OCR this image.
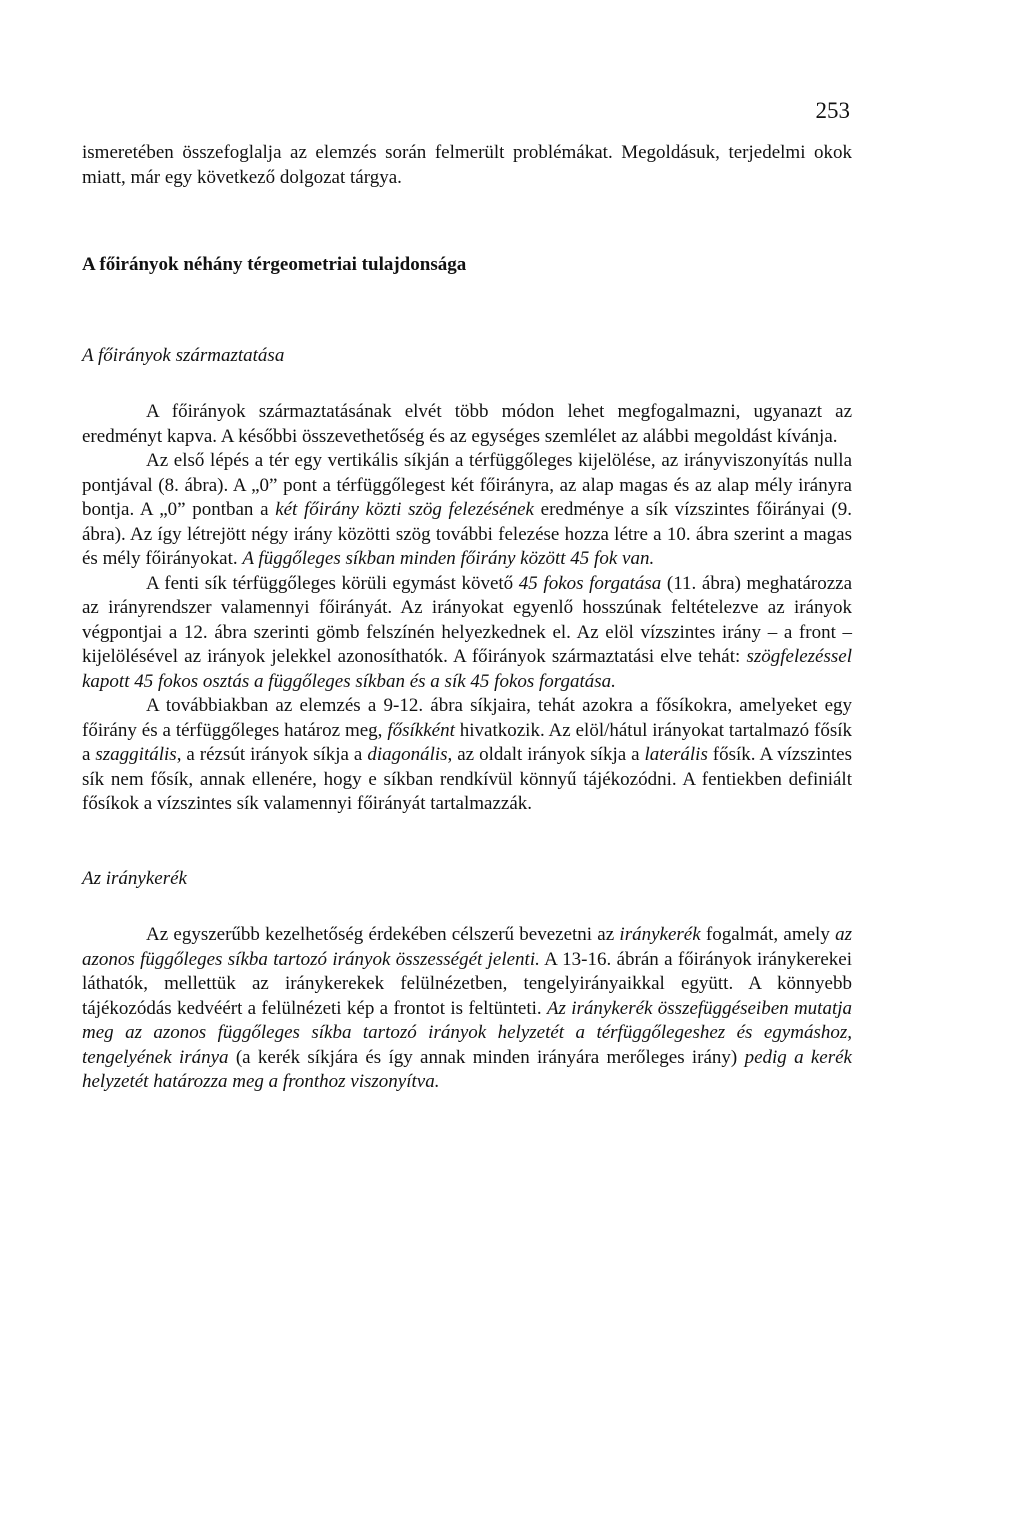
253

ismeretében összefoglalja az elemzés során felmerült problémákat. Megoldásuk, terjedelmi okok miatt, már egy következő dolgozat tárgya.

A főirányok néhány térgeometriai tulajdonsága

A főirányok származtatása

A főirányok származtatásának elvét több módon lehet megfogalmazni, ugyanazt az eredményt kapva. A későbbi összevethetőség és az egységes szemlélet az alábbi megoldást kívánja.

Az első lépés a tér egy vertikális síkján a térfüggőleges kijelölése, az irányviszonyítás nulla pontjával (8. ábra). A „0” pont a térfüggőlegest két főirányra, az alap magas és az alap mély irányra bontja. A „0” pontban a két főirány közti szög felezésének eredménye a sík vízszintes főirányai (9. ábra). Az így létrejött négy irány közötti szög további felezése hozza létre a 10. ábra szerint a magas és mély főirányokat. A függőleges síkban minden főirány között 45 fok van.

A fenti sík térfüggőleges körüli egymást követő 45 fokos forgatása (11. ábra) meghatározza az irányrendszer valamennyi főirányát. Az irányokat egyenlő hosszúnak feltételezve az irányok végpontjai a 12. ábra szerinti gömb felszínén helyezkednek el. Az elöl vízszintes irány – a front – kijelölésével az irányok jelekkel azonosíthatók. A főirányok származtatási elve tehát: szögfelezéssel kapott 45 fokos osztás a függőleges síkban és a sík 45 fokos forgatása.

A továbbiakban az elemzés a 9-12. ábra síkjaira, tehát azokra a fősíkokra, amelyeket egy főirány és a térfüggőleges határoz meg, fősíkként hivatkozik. Az elöl/hátul irányokat tartalmazó fősík a szaggitális, a rézsút irányok síkja a diagonális, az oldalt irányok síkja a laterális fősík. A vízszintes sík nem fősík, annak ellenére, hogy e síkban rendkívül könnyű tájékozódni. A fentiekben definiált fősíkok a vízszintes sík valamennyi főirányát tartalmazzák.

Az iránykerék

Az egyszerűbb kezelhetőség érdekében célszerű bevezetni az iránykerék fogalmát, amely az azonos függőleges síkba tartozó irányok összességét jelenti. A 13-16. ábrán a főirányok iránykerekei láthatók, mellettük az iránykerekek felülnézetben, tengelyirányaikkal együtt. A könnyebb tájékozódás kedvéért a felülnézeti kép a frontot is feltünteti. Az iránykerék összefüggéseiben mutatja meg az azonos függőleges síkba tartozó irányok helyzetét a térfüggőlegeshez és egymáshoz, tengelyének iránya (a kerék síkjára és így annak minden irányára merőleges irány) pedig a kerék helyzetét határozza meg a fronthoz viszonyítva.
